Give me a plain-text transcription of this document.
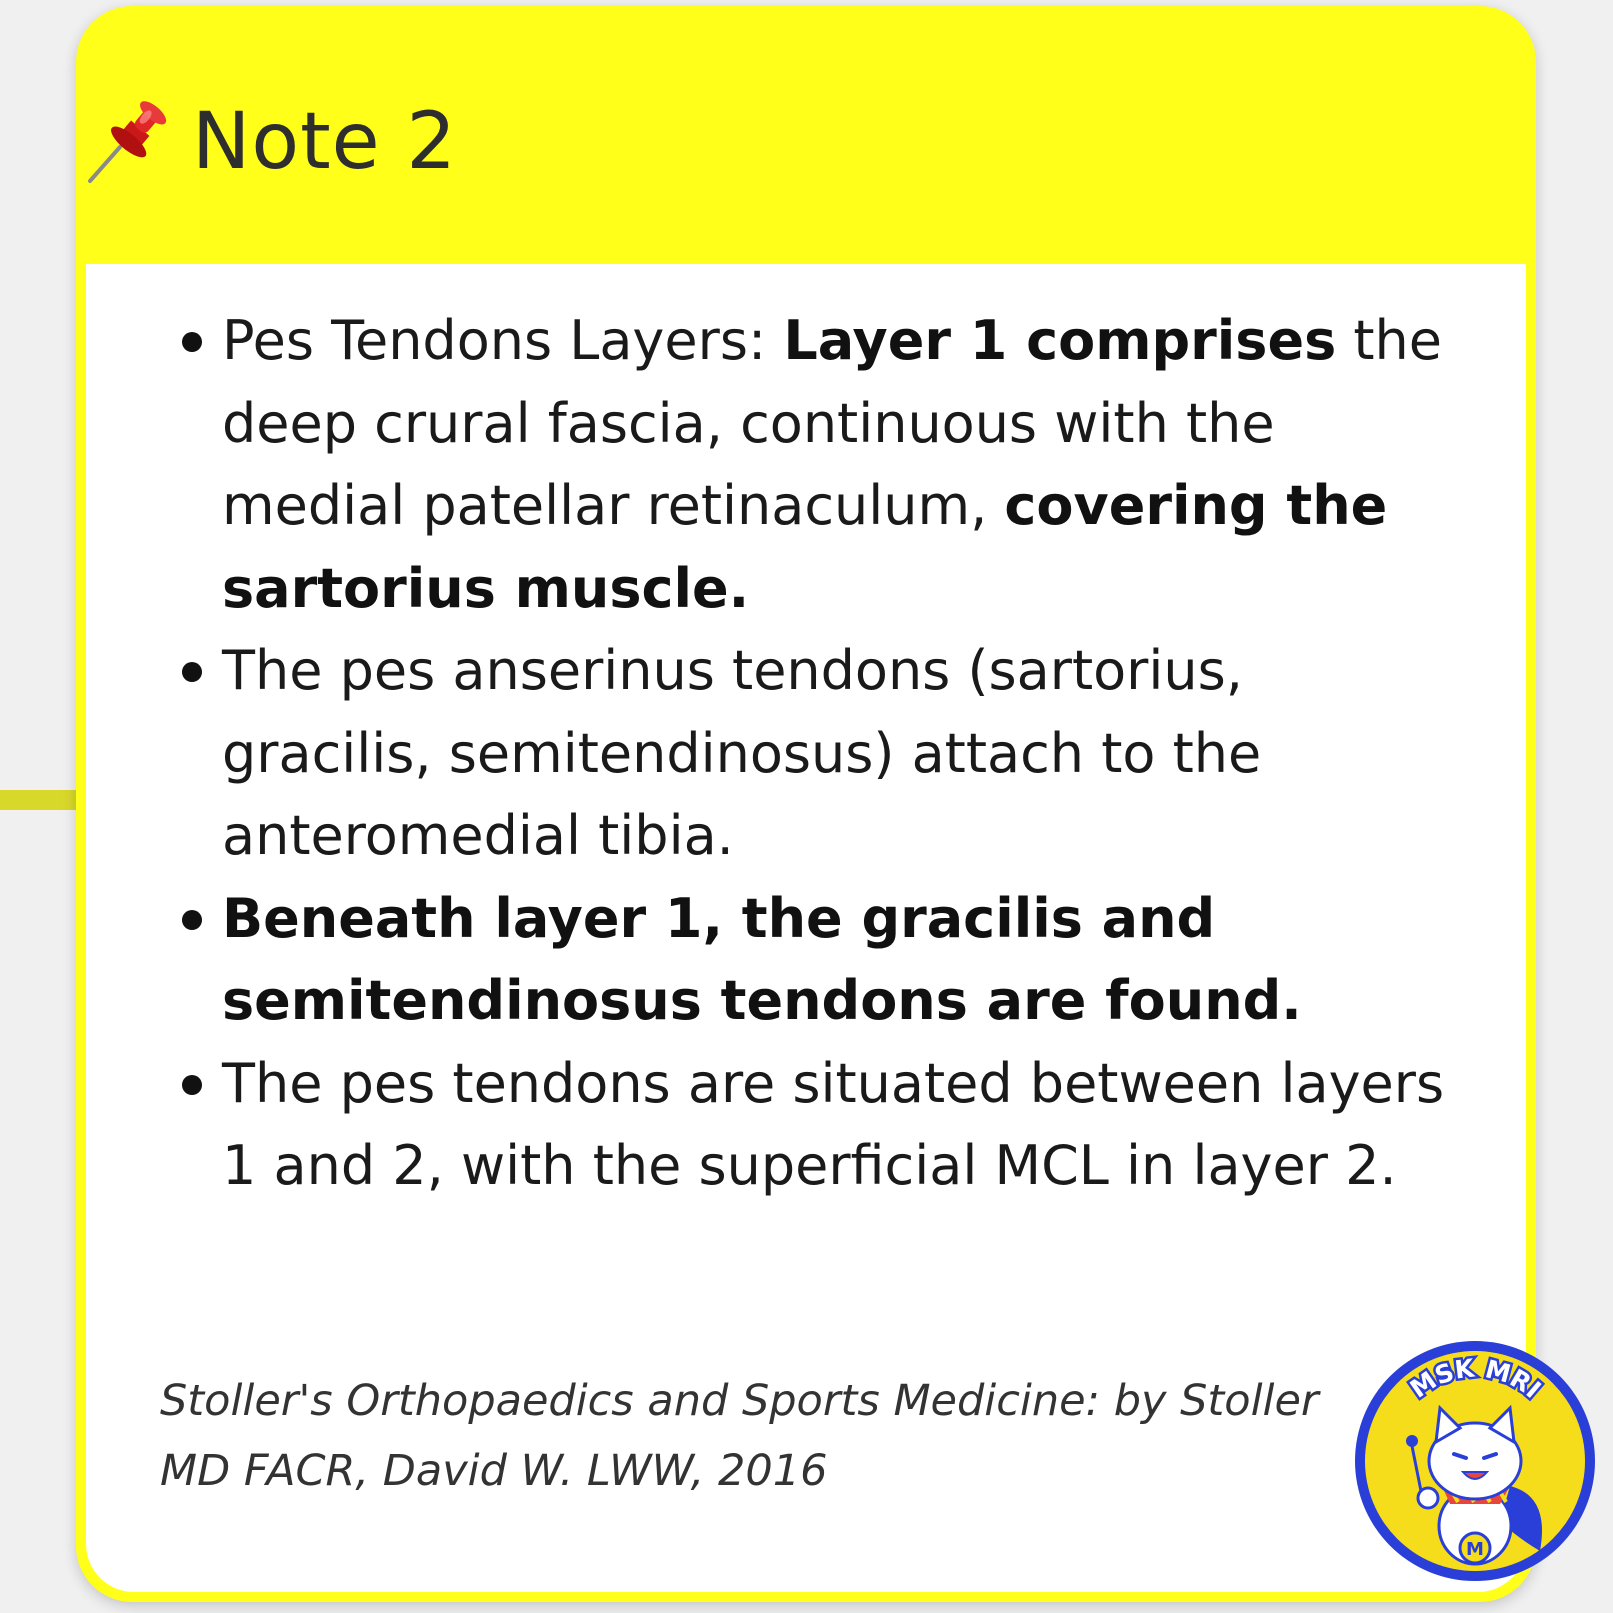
Note 2
Pes Tendons Layers: Layer 1 comprises the deep crural fascia, continuous with the medial patellar retinaculum, covering the sartorius muscle.
The pes anserinus tendons (sartorius, gracilis, semitendinosus) attach to the anteromedial tibia.
Beneath layer 1, the gracilis and semitendinosus tendons are found.
The pes tendons are situated between layers 1 and 2, with the superficial MCL in layer 2.
Stoller's Orthopaedics and Sports Medicine: by Stoller MD FACR, David W. LWW, 2016
MSK MRI
M
